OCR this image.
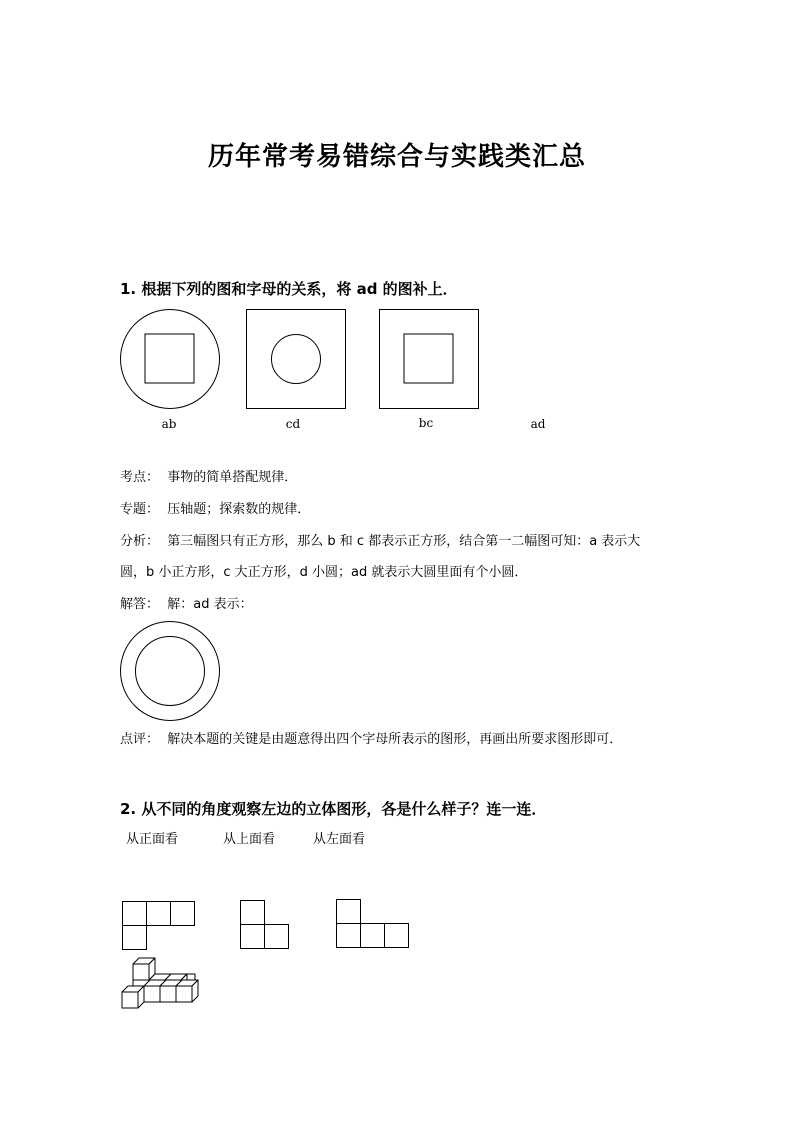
历年常考易错综合与实践类汇总
1. 根据下列的图和字母的关系，将 ad 的图补上．
ab	cd	bc	ad
考点： 事物的简单搭配规律．
专题： 压轴题；探索数的规律．
分析： 第三幅图只有正方形，那么 b 和 c 都表示正方形，结合第一二幅图可知：a 表示大
圆，b 小正方形，c 大正方形，d 小圆；ad 就表示大圆里面有个小圆．
解答： 解：ad 表示：
点评： 解决本题的关键是由题意得出四个字母所表示的图形，再画出所要求图形即可．
2. 从不同的角度观察左边的立体图形，各是什么样子？连一连．
从正面看	从上面看	从左面看
